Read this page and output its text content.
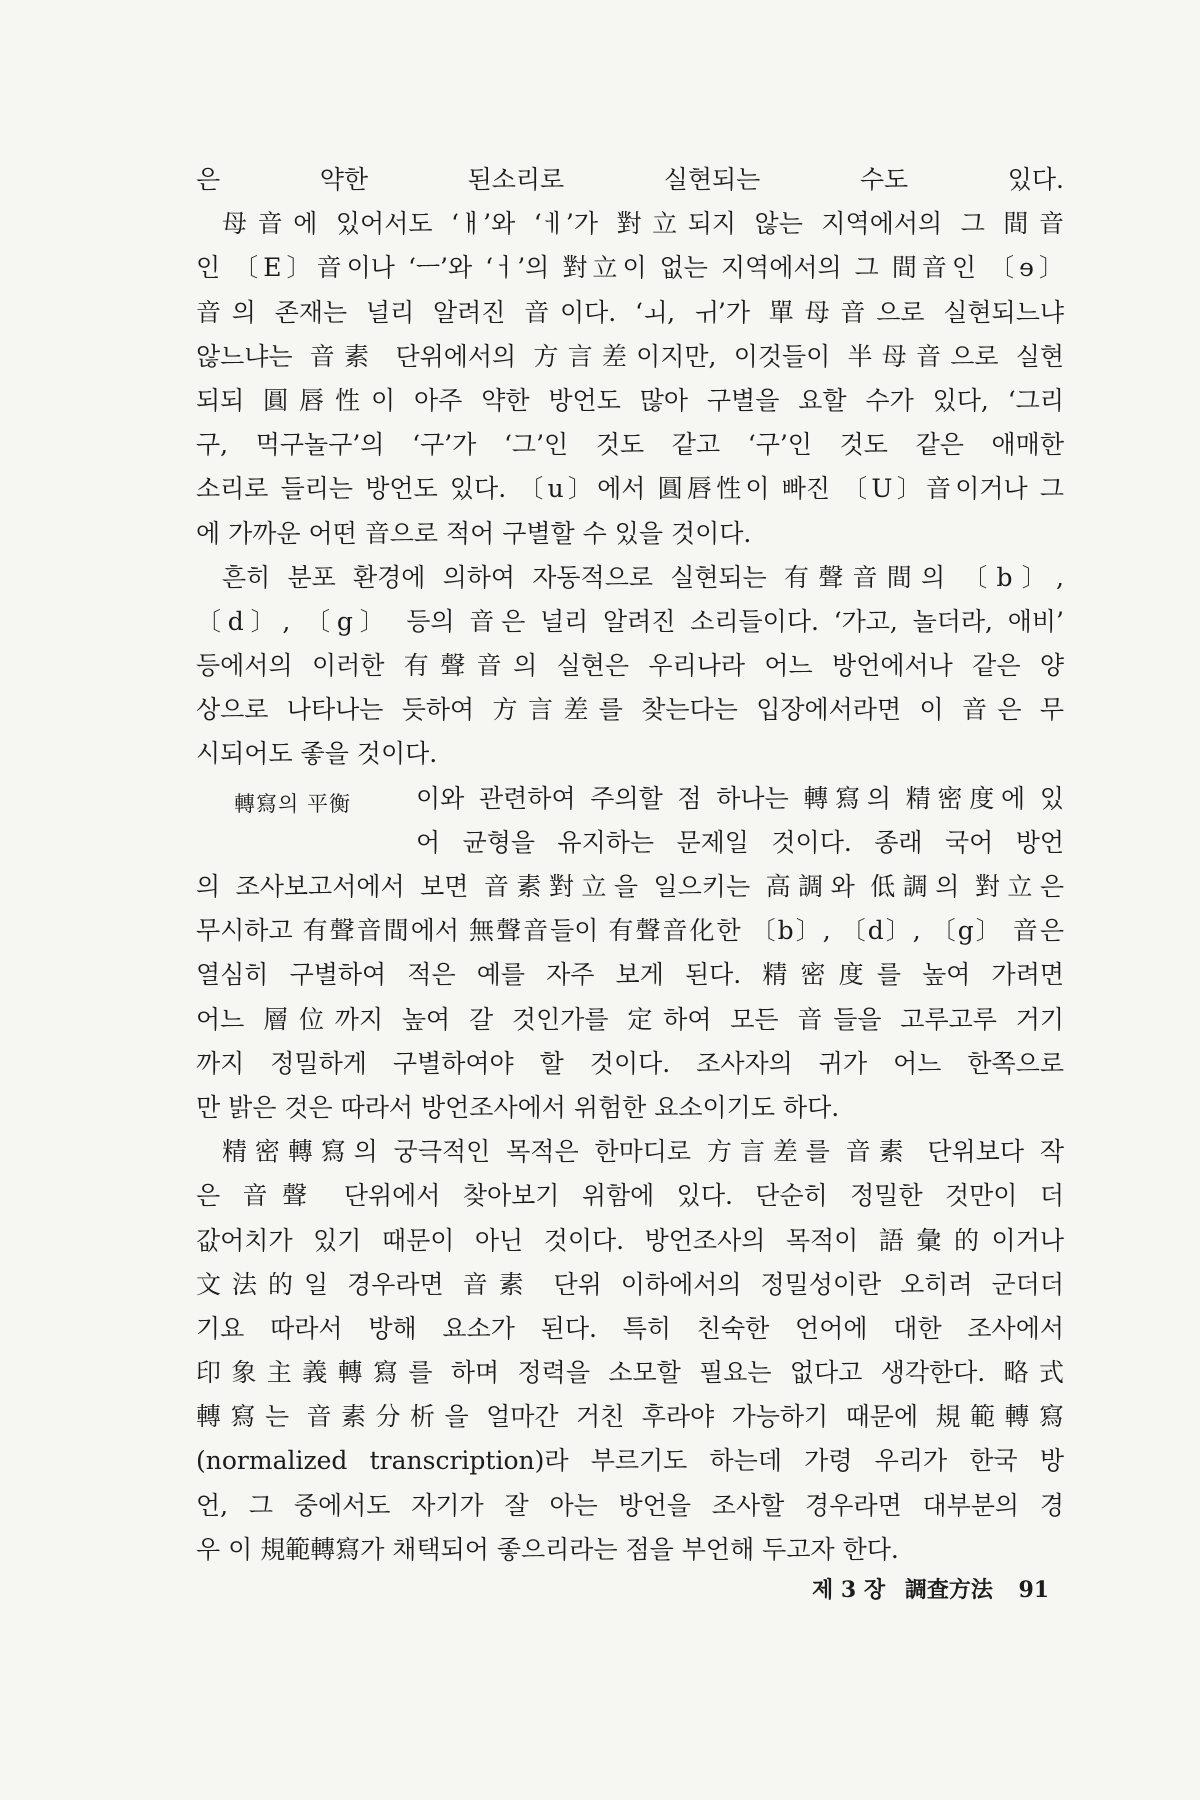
轉寫의 平衡
은 약한 된소리로 실현되는 수도 있다.
母音에 있어서도 ‘ㅐ’와 ‘ㅔ’가 對立되지 않는 지역에서의 그 間音
인 〔E〕音이나 ‘ㅡ’와 ‘ㅓ’의 對立이 없는 지역에서의 그 間音인 〔ɘ〕
音의 존재는 널리 알려진 音이다. ‘ㅚ, ㅟ’가 單母音으로 실현되느냐
않느냐는 音素 단위에서의 方言差이지만, 이것들이 半母音으로 실현
되되 圓唇性이 아주 약한 방언도 많아 구별을 요할 수가 있다, ‘그리
구, 먹구놀구’의 ‘구’가 ‘그’인 것도 같고 ‘구’인 것도 같은 애매한
소리로 들리는 방언도 있다. 〔u〕에서 圓唇性이 빠진 〔U〕音이거나 그
에 가까운 어떤 音으로 적어 구별할 수 있을 것이다.
흔히 분포 환경에 의하여 자동적으로 실현되는 有聲音間의 〔b〕,
〔d〕, 〔g〕 등의 音은 널리 알려진 소리들이다. ‘가고, 놀더라, 애비’
등에서의 이러한 有聲音의 실현은 우리나라 어느 방언에서나 같은 양
상으로 나타나는 듯하여 方言差를 찾는다는 입장에서라면 이 音은 무
시되어도 좋을 것이다.
이와 관련하여 주의할 점 하나는 轉寫의 精密度에 있
어 균형을 유지하는 문제일 것이다. 종래 국어 방언
의 조사보고서에서 보면 音素對立을 일으키는 高調와 低調의 對立은
무시하고 有聲音間에서 無聲音들이 有聲音化한 〔b〕, 〔d〕, 〔g〕 音은
열심히 구별하여 적은 예를 자주 보게 된다. 精密度를 높여 가려면
어느 層位까지 높여 갈 것인가를 定하여 모든 音들을 고루고루 거기
까지 정밀하게 구별하여야 할 것이다. 조사자의 귀가 어느 한쪽으로
만 밝은 것은 따라서 방언조사에서 위험한 요소이기도 하다.
精密轉寫의 궁극적인 목적은 한마디로 方言差를 音素 단위보다 작
은 音聲 단위에서 찾아보기 위함에 있다. 단순히 정밀한 것만이 더
값어치가 있기 때문이 아닌 것이다. 방언조사의 목적이 語彙的이거나
文法的일 경우라면 音素 단위 이하에서의 정밀성이란 오히려 군더더
기요 따라서 방해 요소가 된다. 특히 친숙한 언어에 대한 조사에서
印象主義轉寫를 하며 정력을 소모할 필요는 없다고 생각한다. 略式
轉寫는 音素分析을 얼마간 거친 후라야 가능하기 때문에 規範轉寫
(normalized transcription)라 부르기도 하는데 가령 우리가 한국 방
언, 그 중에서도 자기가 잘 아는 방언을 조사할 경우라면 대부분의 경
우 이 規範轉寫가 채택되어 좋으리라는 점을 부언해 두고자 한다.
제 3 장 調査方法 91
